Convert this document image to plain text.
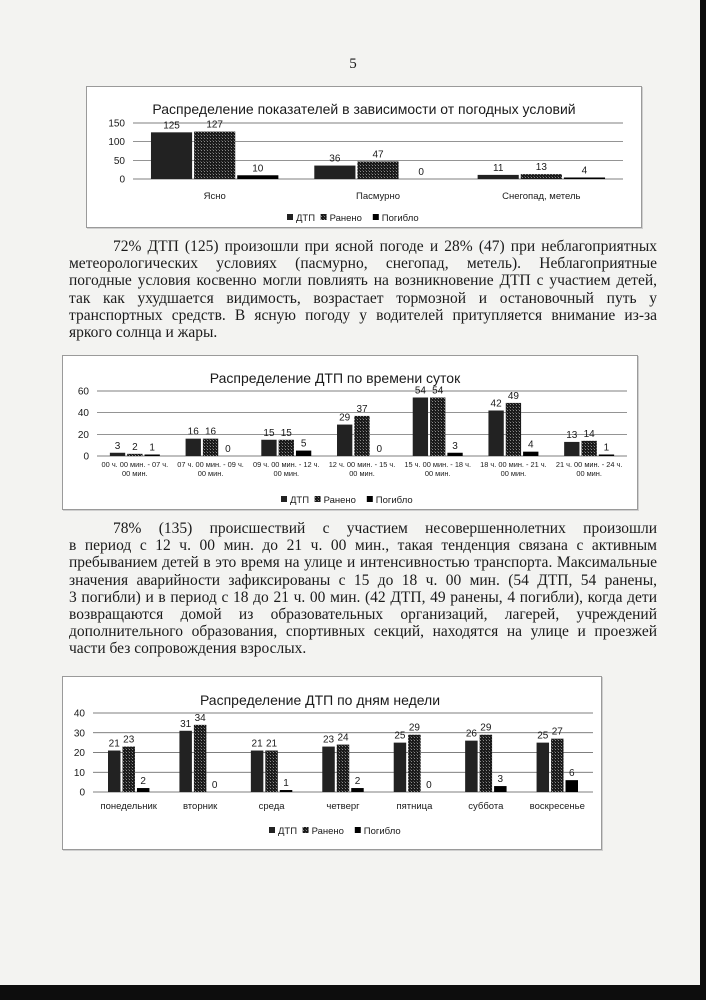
5
Распределение показателей в зависимости от погодных условий
0
50
100
150	125	127
10
Ясно
36	47
0
Пасмурно
11	13	4
Снегопад, метель
ДТП Ранено Погибло
72% ДТП (125) произошли при ясной погоде и 28% (47) при неблагоприятных
метеорологических условиях (пасмурно, снегопад, метель). Неблагоприятные
погодные условия косвенно могли повлиять на возникновение ДТП с участием детей,
так как ухудшается видимость, возрастает тормозной и остановочный путь у
транспортных средств. В ясную погоду у водителей притупляется внимание из-за
яркого солнца и жары.
Распределение ДТП по времени суток
0
20
40
60
3 2 1
00 ч. 00 мин. - 07 ч.
00 мин.
16 16
0
07 ч. 00 мин. - 09 ч.
00 мин.
15 15
5
09 ч. 00 мин. - 12 ч.
00 мин.
29
37
0
12 ч. 00 мин. - 15 ч.
00 мин.
54 54
3
15 ч. 00 мин. - 18 ч.
00 мин.
42
49
4
18 ч. 00 мин. - 21 ч.
00 мин.
13 14
1
21 ч. 00 мин. - 24 ч.
00 мин.
ДТП Ранено Погибло
78% (135) происшествий с участием несовершеннолетних произошли
в период с 12 ч. 00 мин. до 21 ч. 00 мин., такая тенденция связана с активным
пребыванием детей в это время на улице и интенсивностью транспорта. Максимальные
значения аварийности зафиксированы с 15 до 18 ч. 00 мин. (54 ДТП, 54 ранены,
3 погибли) и в период с 18 до 21 ч. 00 мин. (42 ДТП, 49 ранены, 4 погибли), когда дети
возвращаются домой из образовательных организаций, лагерей, учреждений
дополнительного образования, спортивных секций, находятся на улице и проезжей
части без сопровождения взрослых.
Распределение ДТП по дням недели
0
10
20
30
40
21 23
2
понедельник
31
34
0
вторник
21 21
1
среда
23 24
2
четверг
25
29
0
пятница
26
29
3
суббота
25 27
6
воскресенье
ДТП Ранено Погибло
